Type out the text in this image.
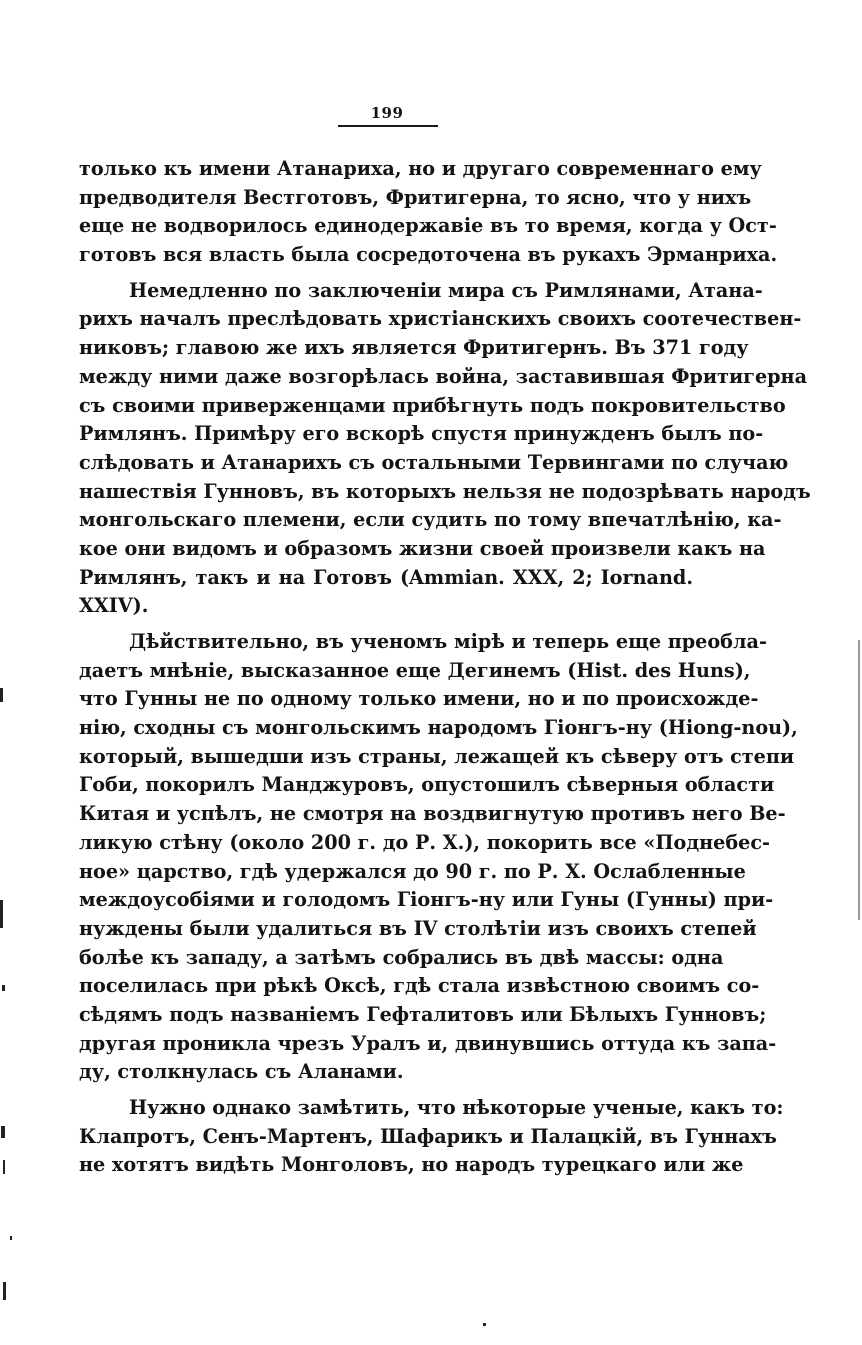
199
только къ имени Атанариха, но и другаго современнаго ему
предводителя Вестготовъ, Фритигерна, то ясно, что у нихъ
еще не водворилось единодержавіе въ то время, когда у Ост-
готовъ вся власть была сосредоточена въ рукахъ Эрманриха.
Немедленно по заключеніи мира съ Римлянами, Атана-
рихъ началъ преслѣдовать христіанскихъ своихъ соотечествен-
никовъ; главою же ихъ является Фритигернъ. Въ 371 году
между ними даже возгорѣлась война, заставившая Фритигерна
съ своими приверженцами прибѣгнуть подъ покровительство
Римлянъ. Примѣру его вскорѣ спустя принужденъ былъ по-
слѣдовать и Атанарихъ съ остальными Тервингами по случаю
нашествія Гунновъ, въ которыхъ нельзя не подозрѣвать народъ
монгольскаго племени, если судить по тому впечатлѣнію, ка-
кое они видомъ и образомъ жизни своей произвели какъ на
Римлянъ, такъ и на Готовъ (Ammian. XXX, 2; Iornand.
XXIV).
Дѣйствительно, въ ученомъ мірѣ и теперь еще преобла-
даетъ мнѣніе, высказанное еще Дегинемъ (Hist. des Huns),
что Гунны не по одному только имени, но и по происхожде-
нію, сходны съ монгольскимъ народомъ Гіонгъ-ну (Hiong-nou),
который, вышедши изъ страны, лежащей къ сѣверу отъ степи
Гоби, покорилъ Манджуровъ, опустошилъ сѣверныя области
Китая и успѣлъ, не смотря на воздвигнутую противъ него Ве-
ликую стѣну (около 200 г. до Р. Х.), покорить все «Поднебес-
ное» царство, гдѣ удержался до 90 г. по Р. Х. Ослабленные
междоусобіями и голодомъ Гіонгъ-ну или Гуны (Гунны) при-
нуждены были удалиться въ IV столѣтіи изъ своихъ степей
болѣе къ западу, а затѣмъ собрались въ двѣ массы: одна
поселилась при рѣкѣ Оксѣ, гдѣ стала извѣстною своимъ со-
сѣдямъ подъ названіемъ Гефталитовъ или Бѣлыхъ Гунновъ;
другая проникла чрезъ Уралъ и, двинувшись оттуда къ запа-
ду, столкнулась съ Аланами.
Нужно однако замѣтить, что нѣкоторые ученые, какъ то:
Клапротъ, Сенъ-Мартенъ, Шафарикъ и Палацкій, въ Гуннахъ
не хотятъ видѣть Монголовъ, но народъ турецкаго или же
